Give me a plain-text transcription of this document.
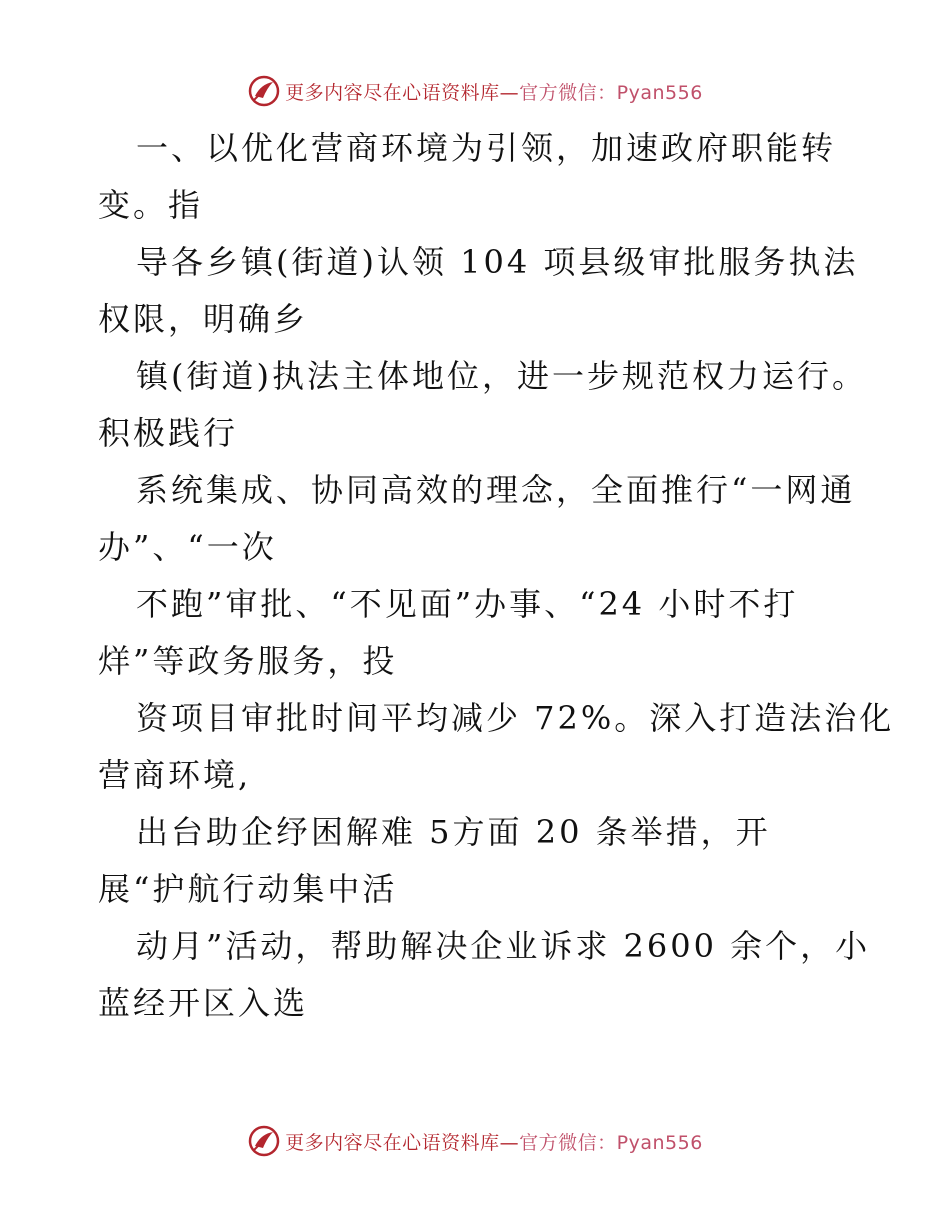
更多内容尽在心语资料库—官方微信：Pyan556
一、以优化营商环境为引领，加速政府职能转
变。指
导各乡镇(街道)认领 104 项县级审批服务执法
权限，明确乡
镇(街道)执法主体地位，进一步规范权力运行。
积极践行
系统集成、协同高效的理念，全面推行“一网通
办”、“一次
不跑”审批、“不见面”办事、“24 小时不打
烊”等政务服务，投
资项目审批时间平均减少 72%。深入打造法治化
营商环境,
出台助企纾困解难 5方面 20 条举措，开
展“护航行动集中活
动月”活动，帮助解决企业诉求 2600 余个，小
蓝经开区入选
更多内容尽在心语资料库—官方微信：Pyan556
